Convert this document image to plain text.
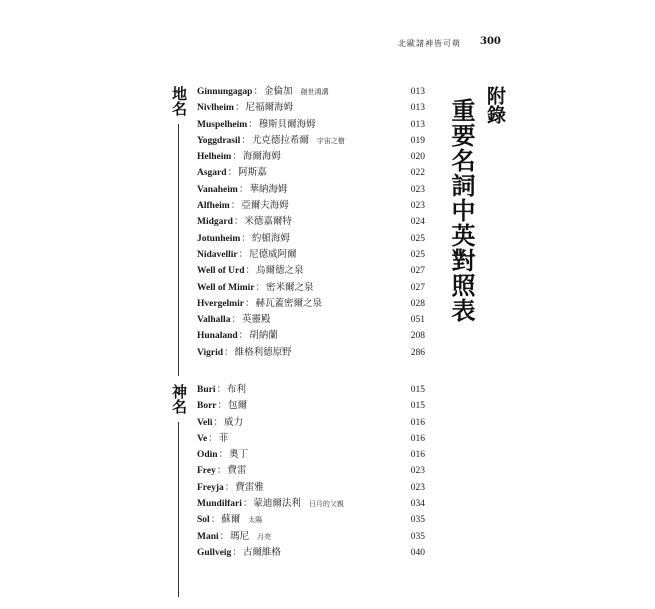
北歐諸神皆可萌 300
附錄
重要名詞中英對照表
地名 Ginnungagap：金倫加 創世鴻溝	013
Nivlheim：尼福爾海姆	013
Muspelheim：穆斯貝爾海姆	013
Yoggdrasil：尤克德拉希爾 宇宙之樹	019
Helheim：海爾海姆	020
Asgard：阿斯嘉	022
Vanaheim：華納海姆	023
Alfheim：亞爾夫海姆	023
Midgard：米德嘉爾特	024
Jotunheim：約頓海姆	025
Nidavellir：尼德威阿爾	025
Well of Urd：烏爾德之泉	027
Well of Mimir：密米爾之泉	027
Hvergelmir：赫瓦蓋密爾之泉	028
Valhalla：英靈殿	051
Hunaland：胡納蘭	208
Vigrid：維格利德原野	286
神名 Buri：布利	015
Borr：包爾	015
Veli：威力	016
Ve：菲	016
Odin：奧丁	016
Frey：費雷	023
Freyja：費雷雅	023
Mundilfari：蒙迪爾法利 日月的父親	034
Sol：蘇爾 太陽	035
Mani：瑪尼 月亮	035
Gullveig：古爾維格	040
